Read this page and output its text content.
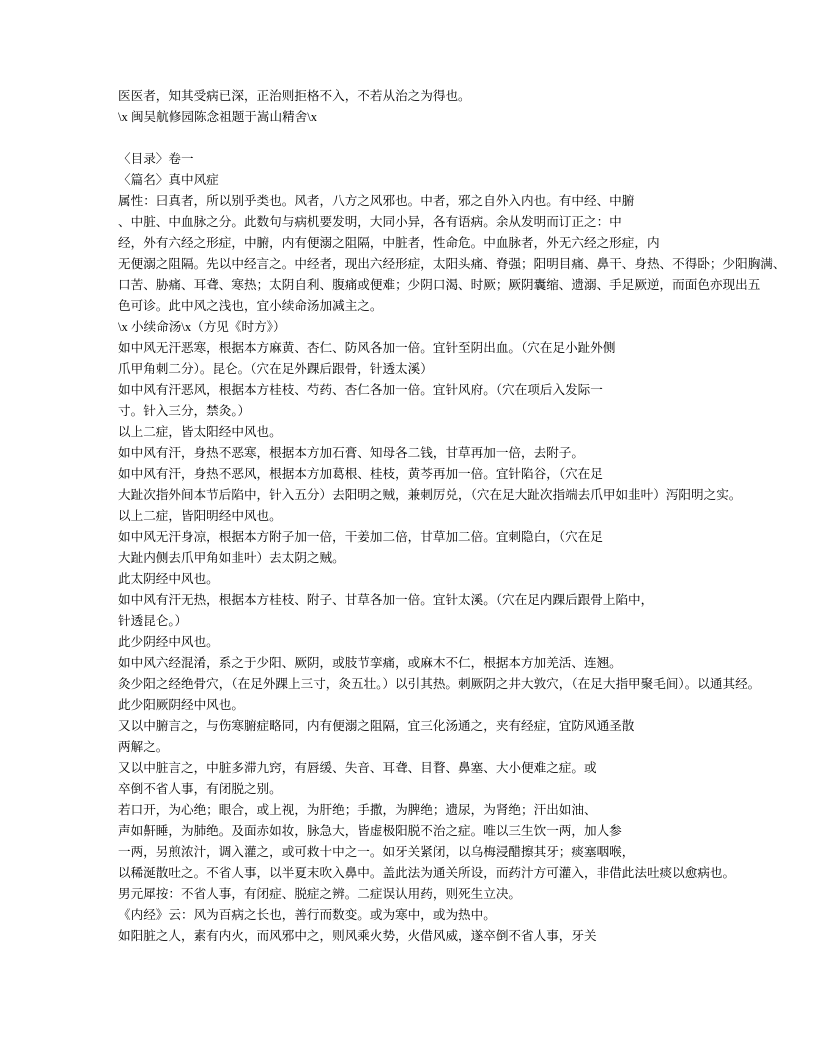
医医者，知其受病已深，正治则拒格不入，不若从治之为得也。
\x 闽吴航修园陈念祖题于嵩山精舍\x
〈目录〉卷一
〈篇名〉真中风症
属性：曰真者，所以别乎类也。风者，八方之风邪也。中者，邪之自外入内也。有中经、中腑
、中脏、中血脉之分。此数句与病机要发明，大同小异，各有语病。余从发明而订正之：中
经，外有六经之形症，中腑，内有便溺之阻隔，中脏者，性命危。中血脉者，外无六经之形症，内
无便溺之阻隔。先以中经言之。中经者，现出六经形症，太阳头痛、脊强；阳明目痛、鼻干、身热、不得卧；少阳胸满、
口苦、胁痛、耳聋、寒热；太阴自利、腹痛或便难；少阴口渴、时厥；厥阴囊缩、遗溺、手足厥逆，而面色亦现出五
色可诊。此中风之浅也，宜小续命汤加减主之。
\x 小续命汤\x（方见《时方》）
如中风无汗恶寒，根据本方麻黄、杏仁、防风各加一倍。宜针至阴出血。（穴在足小趾外侧
爪甲角刺二分）。昆仑。（穴在足外踝后跟骨，针透太溪）
如中风有汗恶风，根据本方桂枝、芍药、杏仁各加一倍。宜针风府。（穴在项后入发际一
寸。针入三分，禁灸。）
以上二症，皆太阳经中风也。
如中风有汗，身热不恶寒，根据本方加石膏、知母各二钱，甘草再加一倍，去附子。
如中风有汗，身热不恶风，根据本方加葛根、桂枝，黄芩再加一倍。宜针陷谷，（穴在足
大趾次指外间本节后陷中，针入五分）去阳明之贼，兼刺厉兑，（穴在足大趾次指端去爪甲如韭叶）泻阳明之实。
以上二症，皆阳明经中风也。
如中风无汗身凉，根据本方附子加一倍，干姜加二倍，甘草加二倍。宜刺隐白，（穴在足
大趾内侧去爪甲角如韭叶）去太阴之贼。
此太阴经中风也。
如中风有汗无热，根据本方桂枝、附子、甘草各加一倍。宜针太溪。（穴在足内踝后跟骨上陷中，
针透昆仑。）
此少阴经中风也。
如中风六经混淆，系之于少阳、厥阴，或肢节挛痛，或麻木不仁，根据本方加羌活、连翘。
灸少阳之经绝骨穴，（在足外踝上三寸，灸五壮。）以引其热。刺厥阴之井大敦穴，（在足大指甲聚毛间）。以通其经。
此少阳厥阴经中风也。
又以中腑言之，与伤寒腑症略同，内有便溺之阻隔，宜三化汤通之，夹有经症，宜防风通圣散
两解之。
又以中脏言之，中脏多滞九窍，有唇缓、失音、耳聋、目瞀、鼻塞、大小便难之症。或
卒倒不省人事，有闭脱之别。
若口开，为心绝；眼合，或上视，为肝绝；手撒，为脾绝；遗尿，为肾绝；汗出如油、
声如鼾睡，为肺绝。及面赤如妆，脉急大，皆虚极阳脱不治之症。唯以三生饮一两，加人参
一两，另煎浓汁，调入灌之，或可救十中之一。如牙关紧闭，以乌梅浸醋擦其牙；痰塞咽喉，
以稀涎散吐之。不省人事，以半夏末吹入鼻中。盖此法为通关所设，而药汁方可灌入，非借此法吐痰以愈病也。
男元犀按：不省人事，有闭症、脱症之辨。二症误认用药，则死生立决。
《内经》云：风为百病之长也，善行而数变。或为寒中，或为热中。
如阳脏之人，素有内火，而风邪中之，则风乘火势，火借风威，遂卒倒不省人事，牙关
